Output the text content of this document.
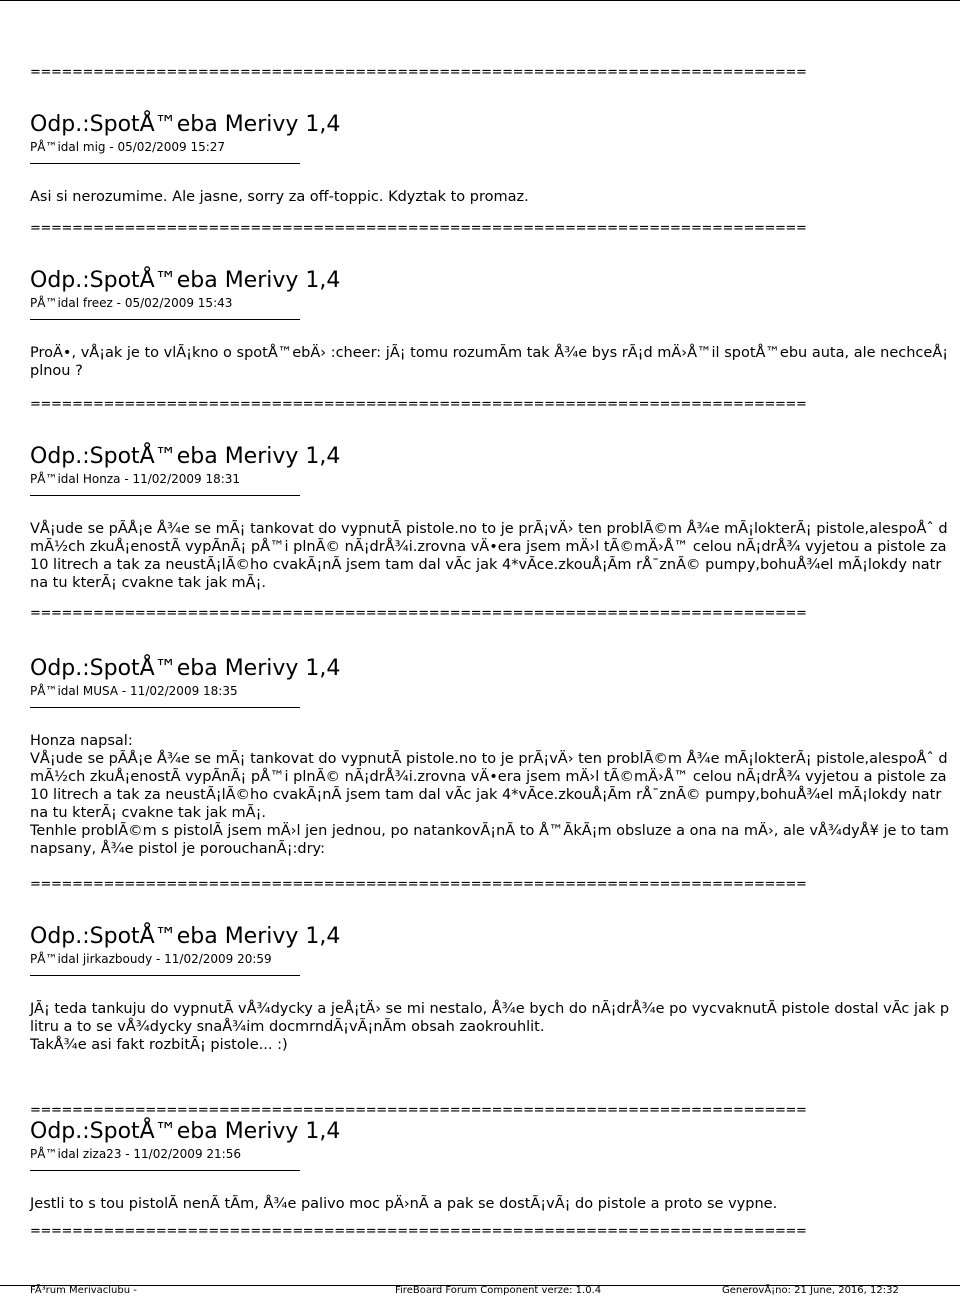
==========================================================================
==========================================================================
==========================================================================
==========================================================================
==========================================================================
==========================================================================
==========================================================================
Odp.:SpotÅ™eba Merivy 1,4
PÅ™idal mig - 05/02/2009 15:27
Asi si nerozumime. Ale jasne, sorry za off-toppic. Kdyztak to promaz.
Odp.:SpotÅ™eba Merivy 1,4
PÅ™idal freez - 05/02/2009 15:43
ProÄ•, vÅ¡ak je to vlÃ¡kno o spotÅ™ebÄ› :cheer: jÃ¡ tomu rozumÃm tak Å¾e bys rÃ¡d mÄ›Å™il spotÅ™ebu auta, ale nechceÅ¡
plnou ?
Odp.:SpotÅ™eba Merivy 1,4
PÅ™idal Honza - 11/02/2009 18:31
VÅ¡ude se pÃÅ¡e Å¾e se mÃ¡ tankovat do vypnutÃ pistole.no to je prÃ¡vÄ› ten problÃ©m Å¾e mÃ¡lokterÃ¡ pistole,alespoÅˆ d
mÃ½ch zkuÅ¡enostÃ vypÃnÃ¡ pÅ™i plnÃ© nÃ¡drÅ¾i.zrovna vÄ•era jsem mÄ›l tÃ©mÄ›Å™ celou nÃ¡drÅ¾ vyjetou a pistole za
10 litrech a tak za neustÃ¡lÃ©ho cvakÃ¡nÃ jsem tam dal vÃc jak 4*vÃce.zkouÅ¡Ãm rÅ¯znÃ© pumpy,bohuÅ¾el mÃ¡lokdy natr
na tu kterÃ¡ cvakne tak jak mÃ¡.
Odp.:SpotÅ™eba Merivy 1,4
PÅ™idal MUSA - 11/02/2009 18:35
Honza napsal:
VÅ¡ude se pÃÅ¡e Å¾e se mÃ¡ tankovat do vypnutÃ pistole.no to je prÃ¡vÄ› ten problÃ©m Å¾e mÃ¡lokterÃ¡ pistole,alespoÅˆ d
mÃ½ch zkuÅ¡enostÃ vypÃnÃ¡ pÅ™i plnÃ© nÃ¡drÅ¾i.zrovna vÄ•era jsem mÄ›l tÃ©mÄ›Å™ celou nÃ¡drÅ¾ vyjetou a pistole za
10 litrech a tak za neustÃ¡lÃ©ho cvakÃ¡nÃ jsem tam dal vÃc jak 4*vÃce.zkouÅ¡Ãm rÅ¯znÃ© pumpy,bohuÅ¾el mÃ¡lokdy natr
na tu kterÃ¡ cvakne tak jak mÃ¡.
Tenhle problÃ©m s pistolÃ jsem mÄ›l jen jednou, po natankovÃ¡nÃ to Å™ÃkÃ¡m obsluze a ona na mÄ›, ale vÅ¾dyÅ¥ je to tam
napsany, Å¾e pistol je porouchanÃ¡:dry:
Odp.:SpotÅ™eba Merivy 1,4
PÅ™idal jirkazboudy - 11/02/2009 20:59
JÃ¡ teda tankuju do vypnutÃ vÅ¾dycky a jeÅ¡tÄ› se mi nestalo, Å¾e bych do nÃ¡drÅ¾e po vycvaknutÃ pistole dostal vÃc jak p
litru a to se vÅ¾dycky snaÅ¾im docmrndÃ¡vÃ¡nÃm obsah zaokrouhlit.
TakÅ¾e asi fakt rozbitÃ¡ pistole... :)
Odp.:SpotÅ™eba Merivy 1,4
PÅ™idal ziza23 - 11/02/2009 21:56
Jestli to s tou pistolÃ nenÃ tÃm, Å¾e palivo moc pÄ›nÃ a pak se dostÃ¡vÃ¡ do pistole a proto se vypne.
FÃ³rum Merivaclubu -	FireBoard Forum Component verze: 1.0.4	GenerovÃ¡no: 21 June, 2016, 12:32
